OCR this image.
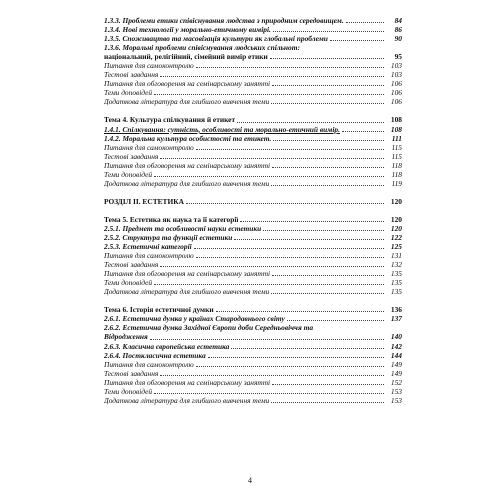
1.3.3. Проблеми етики співіснування людства з природним середовищем.	84
1.3.4. Нові технології у морально-етичному вимірі.	86
1.3.5. Споживацтво та масовізація культури як глобальні проблеми	90
1.3.6. Моральні проблеми співіснування людських спільнот:
національний, релігійний, сімейний вимір етики	95
Питання для самоконтролю	103
Тестові завдання	103
Питання для обговорення на семінарському занятті	106
Теми доповідей	106
Додаткова література для глибшого вивчення теми	106
Тема 4. Культура спілкування й етикет	108
1.4.1. Спілкування: сутність, особливості та морально-етичний вимір.	108
1.4.2. Моральна культура особистості та етикет.	111
Питання для самоконтролю	115
Тестові завдання	115
Питання для обговорення на семінарському занятті	118
Теми доповідей	118
Додаткова література для глибшого вивчення теми	119
РОЗДІЛ ІІ. ЕСТЕТИКА	120
Тема 5. Естетика як наука та її категорії	120
2.5.1. Предмет та особливості науки естетики	120
2.5.2. Структура та функції естетики	122
2.5.3. Естетичні категорії	125
Питання для самоконтролю	131
Тестові завдання	132
Питання для обговорення на семінарському занятті	135
Теми доповідей	135
Додаткова література для глибшого вивчення теми	135
Тема 6. Історія естетичної думки	136
2.6.1. Естетична думка у країнах Стародавнього світу	137
2.6.2. Естетична думка Західної Європи доби Середньовіччя та
Відродження	140
2.6.3. Класична європейська естетика	142
2.6.4. Посткласична естетика	144
Питання для самоконтролю	149
Тестові завдання	149
Питання для обговорення на семінарському занятті	152
Теми доповідей	153
Додаткова література для глибшого вивчення теми	153
4
